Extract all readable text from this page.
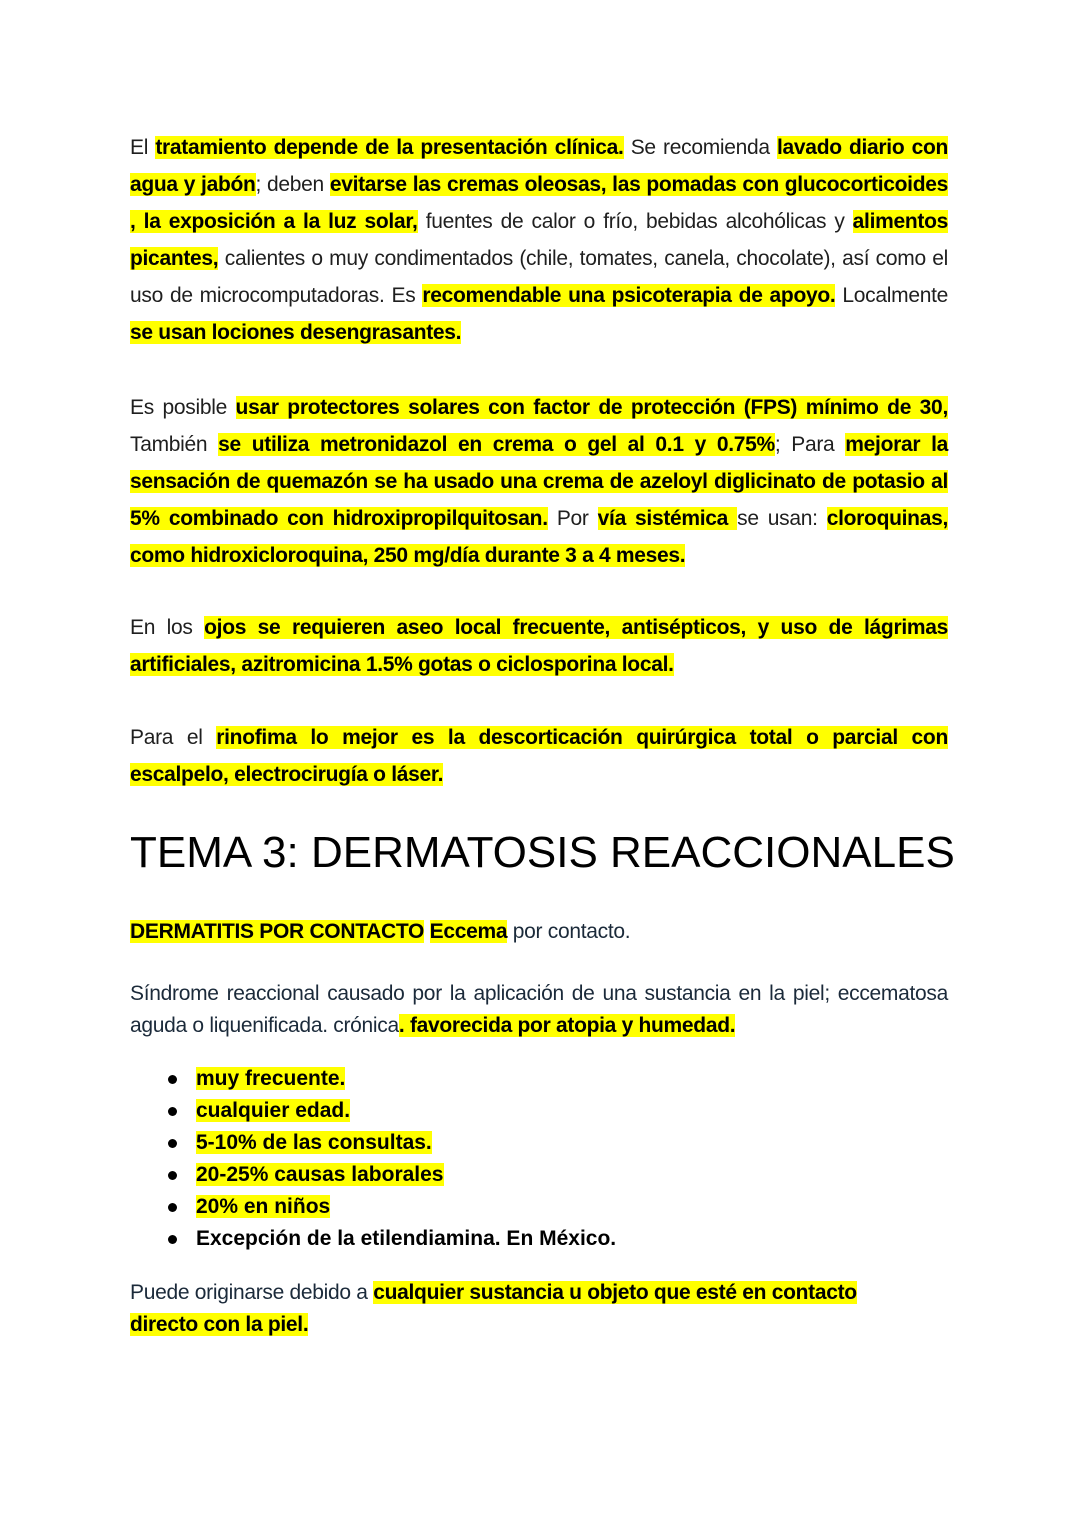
El tratamiento depende de la presentación clínica. Se recomienda lavado diario con agua y jabón; deben evitarse las cremas oleosas, las pomadas con glucocorticoides , la exposición a la luz solar, fuentes de calor o frío, bebidas alcohólicas y alimentos picantes, calientes o muy condimentados (chile, tomates, canela, chocolate), así como el uso de microcomputadoras. Es recomendable una psicoterapia de apoyo. Localmente se usan lociones desengrasantes.
Es posible usar protectores solares con factor de protección (FPS) mínimo de 30, También se utiliza metronidazol en crema o gel al 0.1 y 0.75%; Para mejorar la sensación de quemazón se ha usado una crema de azeloyl diglicinato de potasio al 5% combinado con hidroxipropilquitosan. Por vía sistémica se usan: cloroquinas, como hidroxicloroquina, 250 mg/día durante 3 a 4 meses.
En los ojos se requieren aseo local frecuente, antisépticos, y uso de lágrimas artificiales, azitromicina 1.5% gotas o ciclosporina local.
Para el rinofima lo mejor es la descorticación quirúrgica total o parcial con escalpelo, electrocirugía o láser.
TEMA 3: DERMATOSIS REACCIONALES
DERMATITIS POR CONTACTO Eccema por contacto.
Síndrome reaccional causado por la aplicación de una sustancia en la piel; eccematosa aguda o liquenificada. crónica. favorecida por atopia y humedad.
muy frecuente.
cualquier edad.
5-10% de las consultas.
20-25% causas laborales
20% en niños
Excepción de la etilendiamina. En México.
Puede originarse debido a cualquier sustancia u objeto que esté en contacto directo con la piel.
